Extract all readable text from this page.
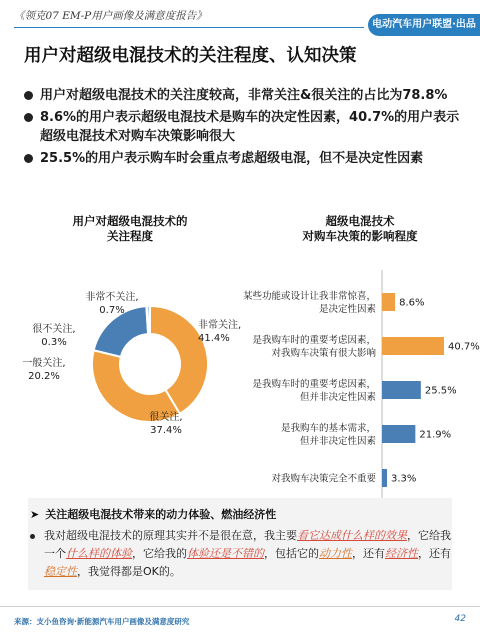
《领克07 EM-P用户画像及满意度报告》
电动汽车用户联盟·出品
用户对超级电混技术的关注程度、认知决策
用户对超级电混技术的关注度较高，非常关注&很关注的占比为78.8%
8.6%的用户表示超级电混技术是购车的决定性因素，40.7%的用户表示超级电混技术对购车决策影响很大
25.5%的用户表示购车时会重点考虑超级电混，但不是决定性因素
用户对超级电混技术的
关注程度
非常关注, 41.4%
很关注, 37.4%
一般关注, 20.2%
很不关注, 0.3%
非常不关注, 0.7%
超级电混技术
对购车决策的影响程度
某些功能或设计让我非常惊喜，是决定性因素
8.6%
是我购车时的重要考虑因素，对我购车决策有很大影响
40.7%
是我购车时的重要考虑因素，但并非决定性因素
25.5%
是我购车的基本需求，但并非决定性因素
21.9%
对我购车决策完全不重要 3.3%
➤ 关注超级电混技术带来的动力体验、燃油经济性
我对超级电混技术的原理其实并不是很在意，我主要看它达成什么样的效果，它给我一个什么样的体验，它给我的体验还是不错的，包括它的动力性，还有经济性，还有稳定性，我觉得都是OK的。
来源：支小鱼咨询·新能源汽车用户画像及满意度研究	42
